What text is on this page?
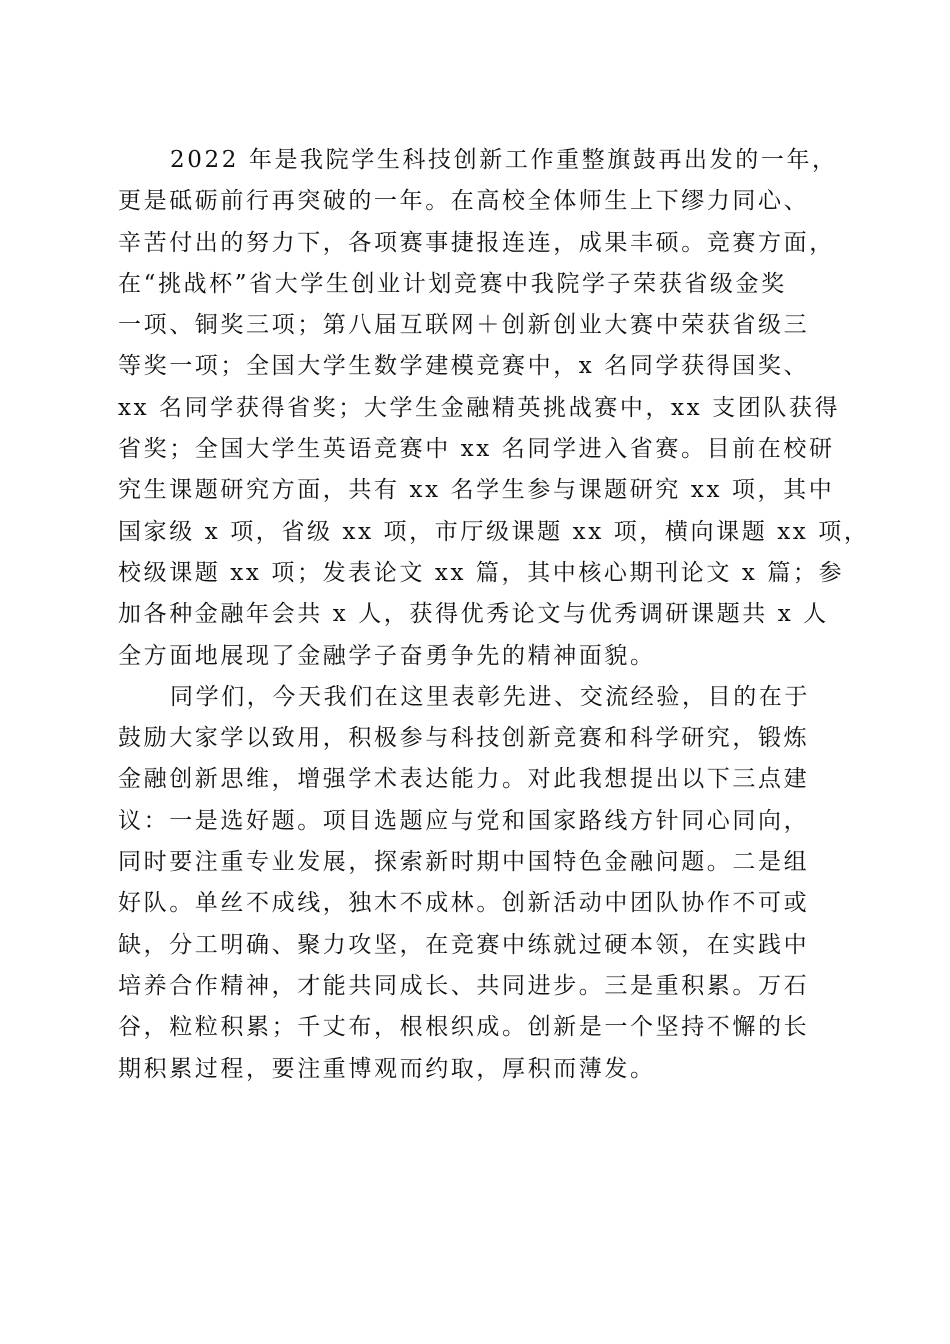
2022 年是我院学生科技创新工作重整旗鼓再出发的一年，
更是砥砺前行再突破的一年。在高校全体师生上下缪力同心、
辛苦付出的努力下，各项赛事捷报连连，成果丰硕。竞赛方面，
在“挑战杯”省大学生创业计划竞赛中我院学子荣获省级金奖
一项、铜奖三项；第八届互联网＋创新创业大赛中荣获省级三
等奖一项；全国大学生数学建模竞赛中，x 名同学获得国奖、
xx 名同学获得省奖；大学生金融精英挑战赛中，xx 支团队获得
省奖；全国大学生英语竞赛中 xx 名同学进入省赛。目前在校研
究生课题研究方面，共有 xx 名学生参与课题研究 xx 项，其中
国家级 x 项，省级 xx 项，市厅级课题 xx 项，横向课题 xx 项，
校级课题 xx 项；发表论文 xx 篇，其中核心期刊论文 x 篇；参
加各种金融年会共 x 人，获得优秀论文与优秀调研课题共 x 人
全方面地展现了金融学子奋勇争先的精神面貌。
同学们，今天我们在这里表彰先进、交流经验，目的在于
鼓励大家学以致用，积极参与科技创新竞赛和科学研究，锻炼
金融创新思维，增强学术表达能力。对此我想提出以下三点建
议：一是选好题。项目选题应与党和国家路线方针同心同向，
同时要注重专业发展，探索新时期中国特色金融问题。二是组
好队。单丝不成线，独木不成林。创新活动中团队协作不可或
缺，分工明确、聚力攻坚，在竞赛中练就过硬本领，在实践中
培养合作精神，才能共同成长、共同进步。三是重积累。万石
谷，粒粒积累；千丈布，根根织成。创新是一个坚持不懈的长
期积累过程，要注重博观而约取，厚积而薄发。
